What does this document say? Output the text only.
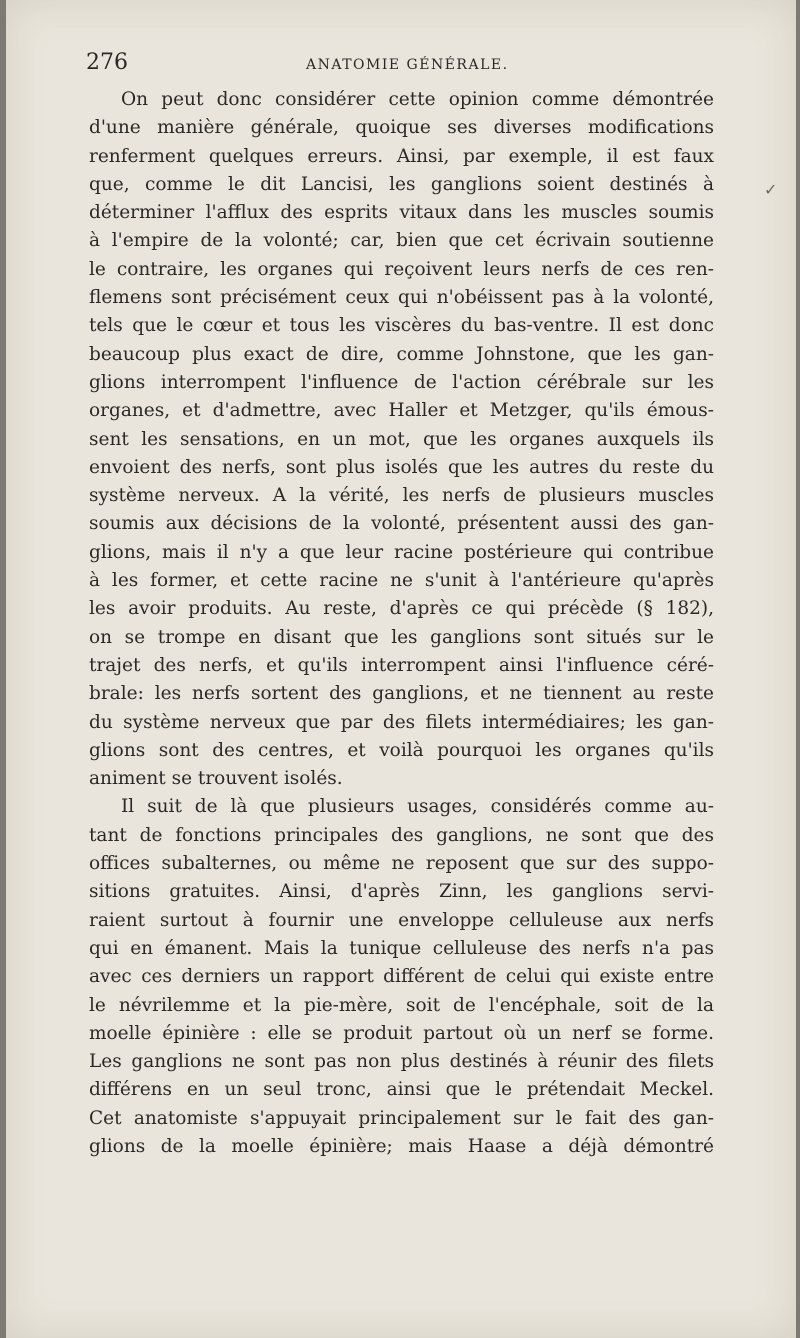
276	ANATOMIE GÉNÉRALE.
✓
On peut donc considérer cette opinion comme démontrée
d'une manière générale, quoique ses diverses modifications
renferment quelques erreurs. Ainsi, par exemple, il est faux
que, comme le dit Lancisi, les ganglions soient destinés à
déterminer l'afflux des esprits vitaux dans les muscles soumis
à l'empire de la volonté; car, bien que cet écrivain soutienne
le contraire, les organes qui reçoivent leurs nerfs de ces ren-
flemens sont précisément ceux qui n'obéissent pas à la volonté,
tels que le cœur et tous les viscères du bas-ventre. Il est donc
beaucoup plus exact de dire, comme Johnstone, que les gan-
glions interrompent l'influence de l'action cérébrale sur les
organes, et d'admettre, avec Haller et Metzger, qu'ils émous-
sent les sensations, en un mot, que les organes auxquels ils
envoient des nerfs, sont plus isolés que les autres du reste du
système nerveux. A la vérité, les nerfs de plusieurs muscles
soumis aux décisions de la volonté, présentent aussi des gan-
glions, mais il n'y a que leur racine postérieure qui contribue
à les former, et cette racine ne s'unit à l'antérieure qu'après
les avoir produits. Au reste, d'après ce qui précède (§ 182),
on se trompe en disant que les ganglions sont situés sur le
trajet des nerfs, et qu'ils interrompent ainsi l'influence céré-
brale: les nerfs sortent des ganglions, et ne tiennent au reste
du système nerveux que par des filets intermédiaires; les gan-
glions sont des centres, et voilà pourquoi les organes qu'ils
animent se trouvent isolés.
Il suit de là que plusieurs usages, considérés comme au-
tant de fonctions principales des ganglions, ne sont que des
offices subalternes, ou même ne reposent que sur des suppo-
sitions gratuites. Ainsi, d'après Zinn, les ganglions servi-
raient surtout à fournir une enveloppe celluleuse aux nerfs
qui en émanent. Mais la tunique celluleuse des nerfs n'a pas
avec ces derniers un rapport différent de celui qui existe entre
le névrilemme et la pie-mère, soit de l'encéphale, soit de la
moelle épinière : elle se produit partout où un nerf se forme.
Les ganglions ne sont pas non plus destinés à réunir des filets
différens en un seul tronc, ainsi que le prétendait Meckel.
Cet anatomiste s'appuyait principalement sur le fait des gan-
glions de la moelle épinière; mais Haase a déjà démontré
